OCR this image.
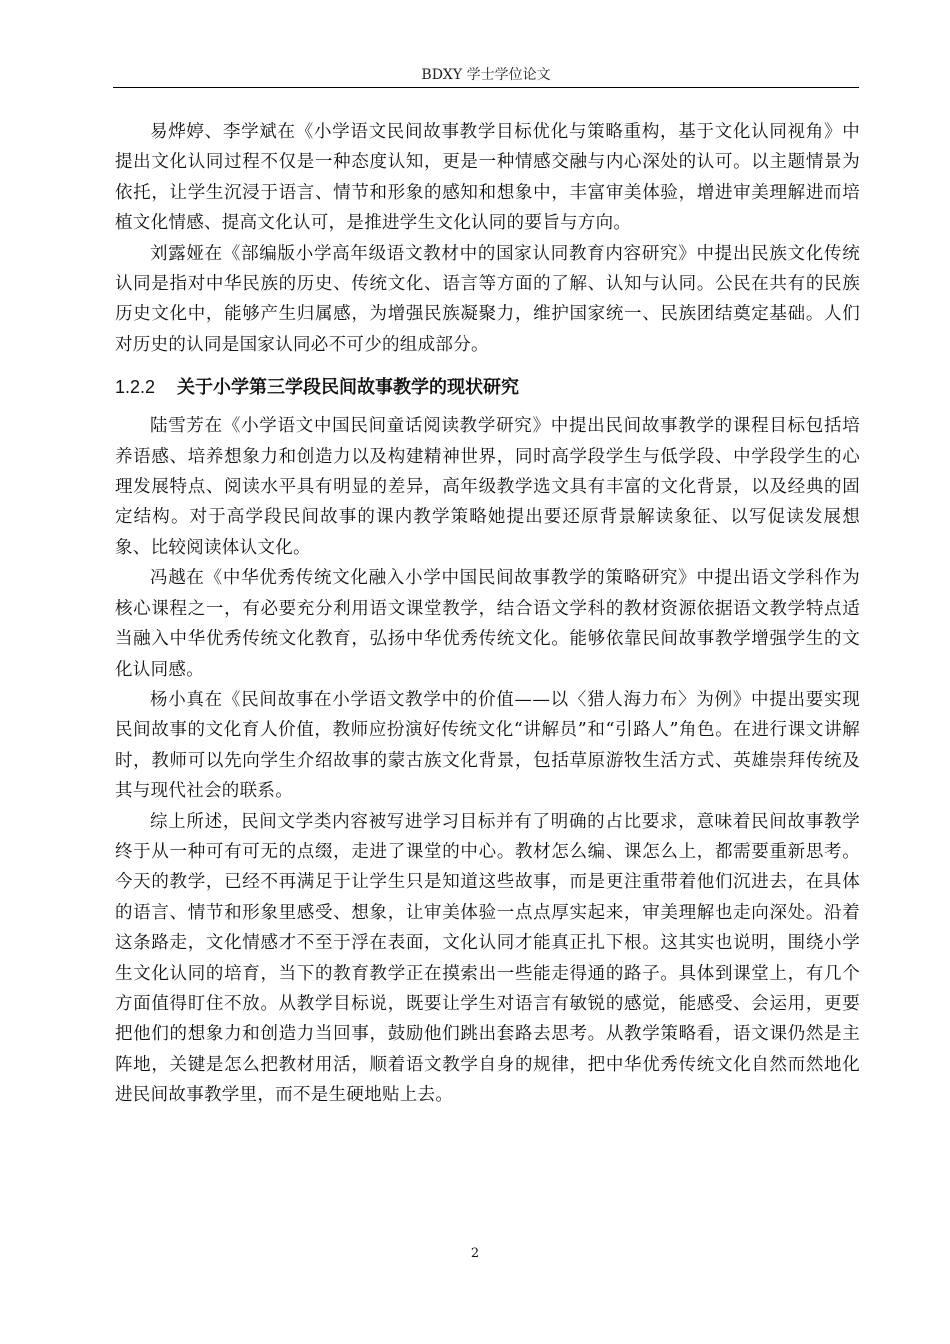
BDXY 学士学位论文

易烨婷、李学斌在《小学语文民间故事教学目标优化与策略重构，基于文化认同视角》中提出文化认同过程不仅是一种态度认知，更是一种情感交融与内心深处的认可。以主题情景为依托，让学生沉浸于语言、情节和形象的感知和想象中，丰富审美体验，增进审美理解进而培植文化情感、提高文化认可，是推进学生文化认同的要旨与方向。

刘露娅在《部编版小学高年级语文教材中的国家认同教育内容研究》中提出民族文化传统认同是指对中华民族的历史、传统文化、语言等方面的了解、认知与认同。公民在共有的民族历史文化中，能够产生归属感，为增强民族凝聚力，维护国家统一、民族团结奠定基础。人们对历史的认同是国家认同必不可少的组成部分。

1.2.2 关于小学第三学段民间故事教学的现状研究

陆雪芳在《小学语文中国民间童话阅读教学研究》中提出民间故事教学的课程目标包括培养语感、培养想象力和创造力以及构建精神世界，同时高学段学生与低学段、中学段学生的心 理发展特点、阅读水平具有明显的差异，高年级教学选文具有丰富的文化背景，以及经典的固 定结构。对于高学段民间故事的课内教学策略她提出要还原背景解读象征、以写促读发展想象、比较阅读体认文化。

冯越在《中华优秀传统文化融入小学中国民间故事教学的策略研究》中提出语文学科作为核心课程之一，有必要充分利用语文课堂教学，结合语文学科的教材资源依据语文教学特点适当融入中华优秀传统文化教育，弘扬中华优秀传统文化。能够依靠民间故事教学增强学生的文化认同感。

杨小真在《民间故事在小学语文教学中的价值——以〈猎人海力布〉为例》中提出要实现民间故事的文化育人价值，教师应扮演好传统文化“讲解员”和“引路人”角色。在进行课文讲解时，教师可以先向学生介绍故事的蒙古族文化背景，包括草原游牧生活方式、英雄崇拜传统及其与现代社会的联系。

综上所述，民间文学类内容被写进学习目标并有了明确的占比要求，意味着民间故事教学终于从一种可有可无的点缀，走进了课堂的中心。教材怎么编、课怎么上，都需要重新思考。今天的教学，已经不再满足于让学生只是知道这些故事，而是更注重带着他们沉进去，在具体的语言、情节和形象里感受、想象，让审美体验一点点厚实起来，审美理解也走向深处。沿着这条路走，文化情感才不至于浮在表面，文化认同才能真正扎下根。这其实也说明，围绕小学生文化认同的培育，当下的教育教学正在摸索出一些能走得通的路子。具体到课堂上，有几个方面值得盯住不放。从教学目标说，既要让学生对语言有敏锐的感觉，能感受、会运用，更要把他们的想象力和创造力当回事，鼓励他们跳出套路去思考。从教学策略看，语文课仍然是主阵地，关键是怎么把教材用活，顺着语文教学自身的规律，把中华优秀传统文化自然而然地化进民间故事教学里，而不是生硬地贴上去。

2
